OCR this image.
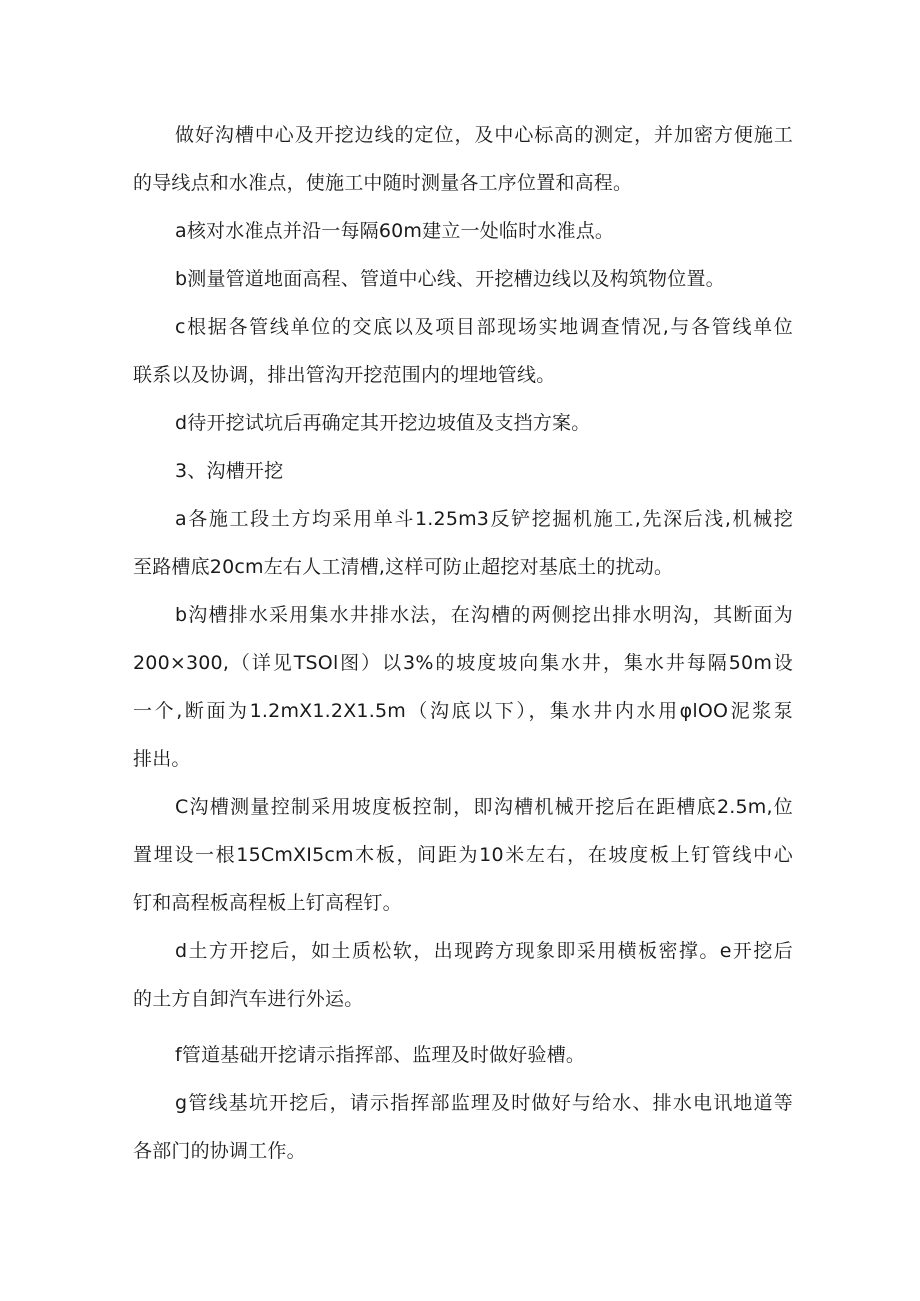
做好沟槽中心及开挖边线的定位，及中心标高的测定，并加密方便施工
的导线点和水准点，使施工中随时测量各工序位置和高程。
a核对水准点并沿一每隔60m建立一处临时水准点。
b测量管道地面高程、管道中心线、开挖槽边线以及构筑物位置。
c根据各管线单位的交底以及项目部现场实地调查情况,与各管线单位
联系以及协调，排出管沟开挖范围内的埋地管线。
d待开挖试坑后再确定其开挖边坡值及支挡方案。
3、沟槽开挖
a各施工段土方均采用单斗1.25m3反铲挖掘机施工,先深后浅,机械挖
至路槽底20cm左右人工清槽,这样可防止超挖对基底土的扰动。
b沟槽排水采用集水井排水法，在沟槽的两侧挖出排水明沟，其断面为
200×300,（详见TSOl图）以3%的坡度坡向集水井，集水井每隔50m设
一个,断面为1.2mX1.2X1.5m（沟底以下），集水井内水用φlOO泥浆泵
排出。
C沟槽测量控制采用坡度板控制，即沟槽机械开挖后在距槽底2.5m,位
置埋设一根15CmXI5cm木板，间距为10米左右，在坡度板上钉管线中心
钉和高程板高程板上钉高程钉。
d土方开挖后，如土质松软，出现跨方现象即采用横板密撑。e开挖后
的土方自卸汽车进行外运。
f管道基础开挖请示指挥部、监理及时做好验槽。
g管线基坑开挖后，请示指挥部监理及时做好与给水、排水电讯地道等
各部门的协调工作。
